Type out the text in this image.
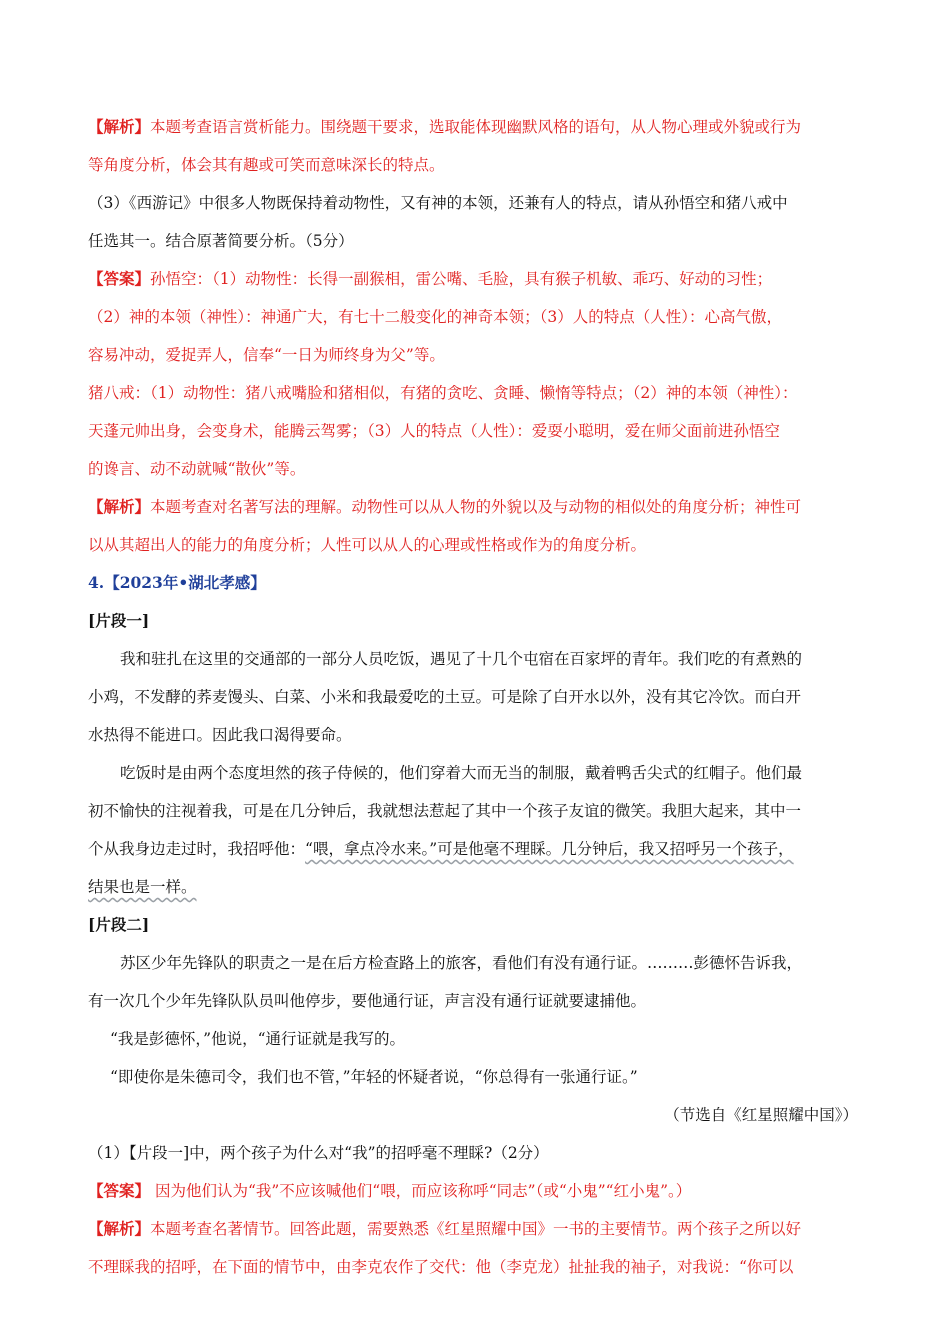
【解析】本题考查语言赏析能力。围绕题干要求，选取能体现幽默风格的语句，从人物心理或外貌或行为
等角度分析，体会其有趣或可笑而意味深长的特点。
（3）《西游记》中很多人物既保持着动物性，又有神的本领，还兼有人的特点，请从孙悟空和猪八戒中
任选其一。结合原著简要分析。（5分）
【答案】孙悟空：（1）动物性：长得一副猴相，雷公嘴、毛脸，具有猴子机敏、乖巧、好动的习性；
（2）神的本领（神性）：神通广大，有七十二般变化的神奇本领；（3）人的特点（人性）：心高气傲，
容易冲动，爱捉弄人，信奉“一日为师终身为父”等。
猪八戒：（1）动物性：猪八戒嘴脸和猪相似，有猪的贪吃、贪睡、懒惰等特点；（2）神的本领（神性）：
天蓬元帅出身，会变身术，能腾云驾雾；（3）人的特点（人性）：爱耍小聪明，爱在师父面前进孙悟空
的谗言、动不动就喊“散伙”等。
【解析】本题考查对名著写法的理解。动物性可以从人物的外貌以及与动物的相似处的角度分析；神性可
以从其超出人的能力的角度分析；人性可以从人的心理或性格或作为的角度分析。
4.【2023年•湖北孝感】
[片段一]
我和驻扎在这里的交通部的一部分人员吃饭，遇见了十几个屯宿在百家坪的青年。我们吃的有煮熟的
小鸡，不发酵的荞麦馒头、白菜、小米和我最爱吃的土豆。可是除了白开水以外，没有其它冷饮。而白开
水热得不能进口。因此我口渴得要命。
吃饭时是由两个态度坦然的孩子侍候的，他们穿着大而无当的制服，戴着鸭舌尖式的红帽子。他们最
初不愉快的注视着我，可是在几分钟后，我就想法惹起了其中一个孩子友谊的微笑。我胆大起来，其中一
个从我身边走过时，我招呼他：“喂，拿点冷水来。”可是他毫不理睬。几分钟后，我又招呼另一个孩子，
结果也是一样。
[片段二]
苏区少年先锋队的职责之一是在后方检查路上的旅客，看他们有没有通行证。………彭德怀告诉我，
有一次几个少年先锋队队员叫他停步，要他通行证，声言没有通行证就要逮捕他。
“我是彭德怀，”他说，“通行证就是我写的。
“即使你是朱德司令，我们也不管，”年轻的怀疑者说，“你总得有一张通行证。”
（节选自《红星照耀中国》）
（1）【片段一]中，两个孩子为什么对“我”的招呼毫不理睬?（2分）
【答案】 因为他们认为“我”不应该喊他们“喂，而应该称呼“同志”（或“小鬼”“红小鬼”。）
【解析】本题考查名著情节。回答此题，需要熟悉《红星照耀中国》一书的主要情节。两个孩子之所以好
不理睬我的招呼，在下面的情节中，由李克农作了交代：他（李克龙）扯扯我的袖子，对我说：“你可以
